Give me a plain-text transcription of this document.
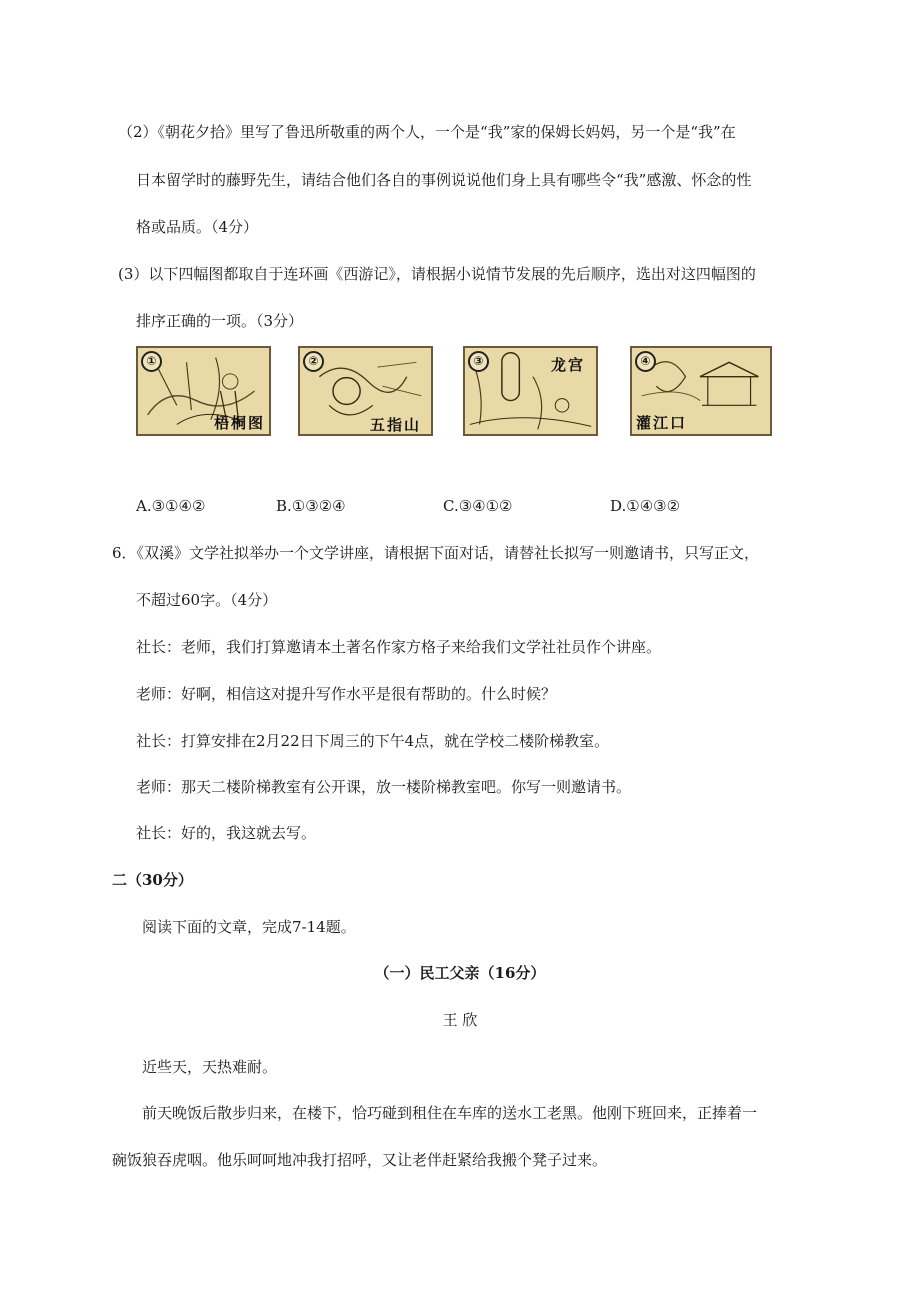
（2）《朝花夕拾》里写了鲁迅所敬重的两个人，一个是“我”家的保姆长妈妈，另一个是“我”在
日本留学时的藤野先生，请结合他们各自的事例说说他们身上具有哪些令“我”感激、怀念的性
格或品质。（4分）
(3）以下四幅图都取自于连环画《西游记》，请根据小说情节发展的先后顺序，选出对这四幅图的
排序正确的一项。（3分）
①
梧桐图
②
五指山
③	龙宫	④
灌江口
A.③①④②	B.①③②④	C.③④①②	D.①④③②
6．《双溪》文学社拟举办一个文学讲座，请根据下面对话，请替社长拟写一则邀请书，只写正文，
不超过60字。（4分）
社长：老师，我们打算邀请本土著名作家方格子来给我们文学社社员作个讲座。
老师：好啊，相信这对提升写作水平是很有帮助的。什么时候？
社长：打算安排在2月22日下周三的下午4点，就在学校二楼阶梯教室。
老师：那天二楼阶梯教室有公开课，放一楼阶梯教室吧。你写一则邀请书。
社长：好的，我这就去写。
二（30分）
阅读下面的文章，完成7-14题。
（一）民工父亲（16分）
王 欣
近些天，天热难耐。
前天晚饭后散步归来，在楼下，恰巧碰到租住在车库的送水工老黑。他刚下班回来，正捧着一
碗饭狼吞虎咽。他乐呵呵地冲我打招呼，又让老伴赶紧给我搬个凳子过来。
